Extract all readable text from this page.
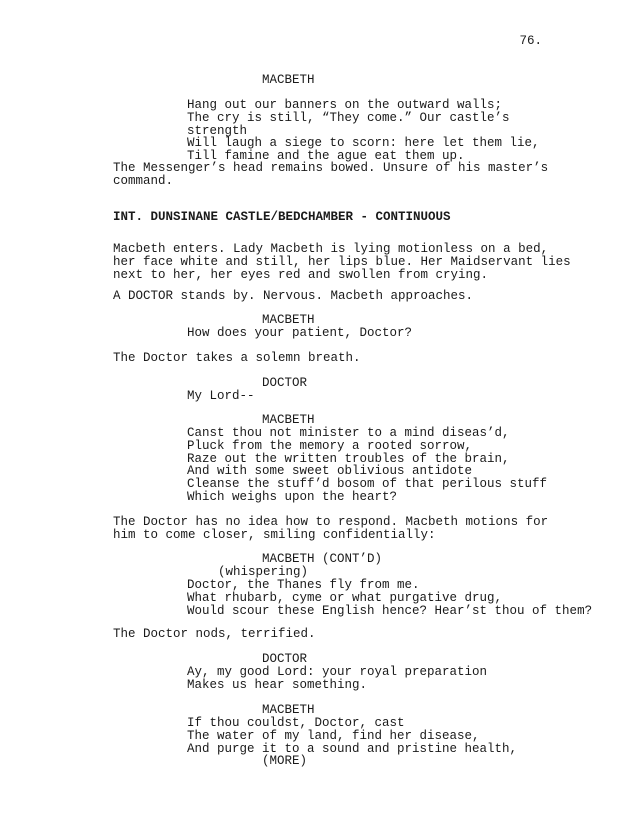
76.
MACBETH
Hang out our banners on the outward walls;
The cry is still, “They come.” Our castle’s
strength
Will laugh a siege to scorn: here let them lie,
Till famine and the ague eat them up.
The Messenger’s head remains bowed. Unsure of his master’s
command.
INT. DUNSINANE CASTLE/BEDCHAMBER - CONTINUOUS
Macbeth enters. Lady Macbeth is lying motionless on a bed,
her face white and still, her lips blue. Her Maidservant lies
next to her, her eyes red and swollen from crying.
A DOCTOR stands by. Nervous. Macbeth approaches.
MACBETH
How does your patient, Doctor?
The Doctor takes a solemn breath.
DOCTOR
My Lord--
MACBETH
Canst thou not minister to a mind diseas’d,
Pluck from the memory a rooted sorrow,
Raze out the written troubles of the brain,
And with some sweet oblivious antidote
Cleanse the stuff’d bosom of that perilous stuff
Which weighs upon the heart?
The Doctor has no idea how to respond. Macbeth motions for
him to come closer, smiling confidentially:
MACBETH (CONT’D)
(whispering)
Doctor, the Thanes fly from me.
What rhubarb, cyme or what purgative drug,
Would scour these English hence? Hear’st thou of them?
The Doctor nods, terrified.
DOCTOR
Ay, my good Lord: your royal preparation
Makes us hear something.
MACBETH
If thou couldst, Doctor, cast
The water of my land, find her disease,
And purge it to a sound and pristine health,
(MORE)
